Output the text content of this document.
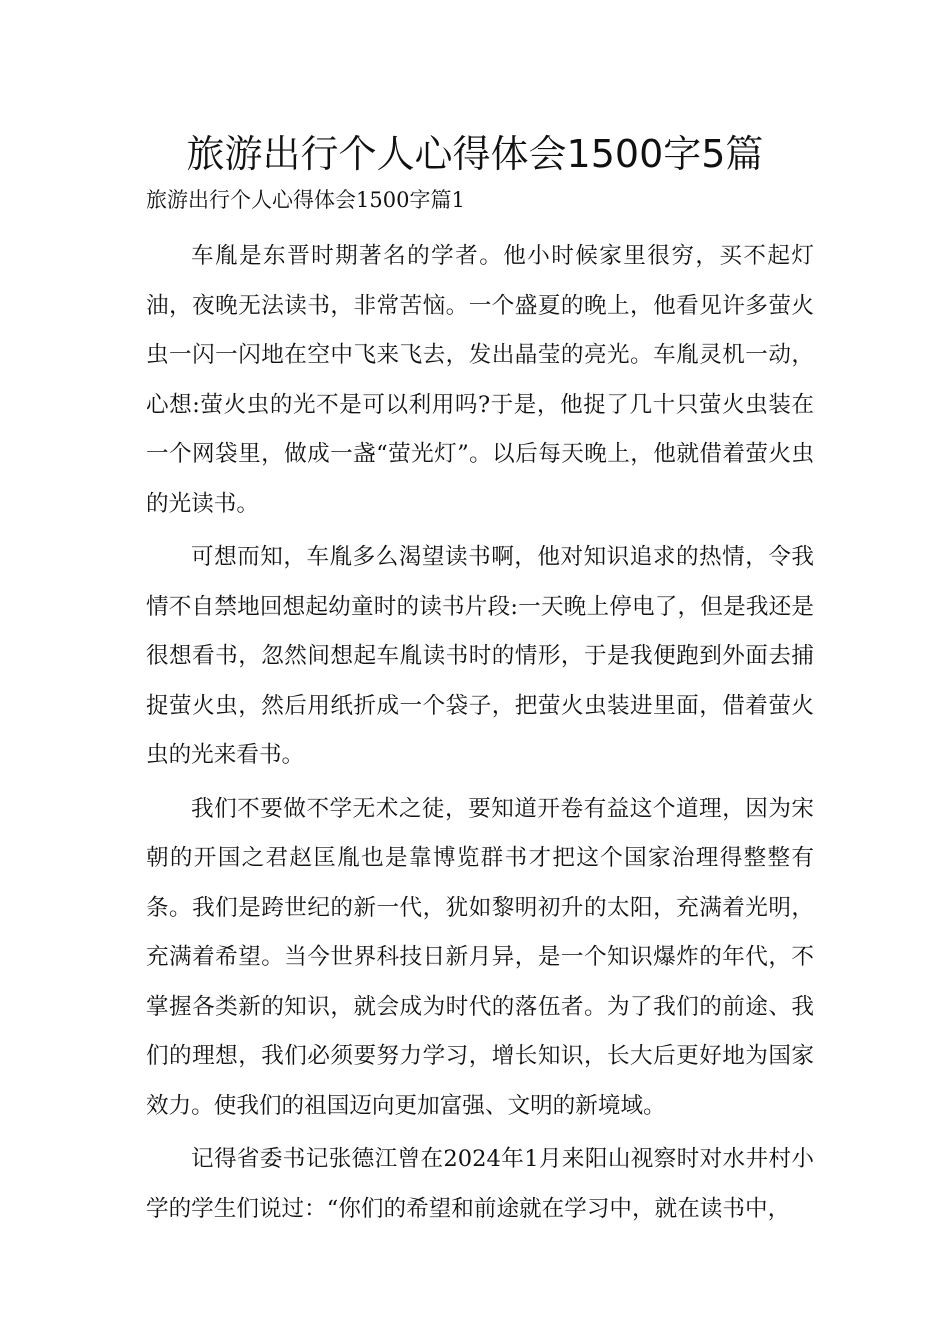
旅游出行个人心得体会1500字5篇

旅游出行个人心得体会1500字篇1

车胤是东晋时期著名的学者。他小时候家里很穷，买不起灯油，夜晚无法读书，非常苦恼。一个盛夏的晚上，他看见许多萤火虫一闪一闪地在空中飞来飞去，发出晶莹的亮光。车胤灵机一动，心想:萤火虫的光不是可以利用吗?于是，他捉了几十只萤火虫装在一个网袋里，做成一盏“萤光灯”。以后每天晚上，他就借着萤火虫的光读书。

可想而知，车胤多么渴望读书啊，他对知识追求的热情，令我情不自禁地回想起幼童时的读书片段:一天晚上停电了，但是我还是很想看书，忽然间想起车胤读书时的情形，于是我便跑到外面去捕捉萤火虫，然后用纸折成一个袋子，把萤火虫装进里面，借着萤火虫的光来看书。

我们不要做不学无术之徒，要知道开卷有益这个道理，因为宋朝的开国之君赵匡胤也是靠博览群书才把这个国家治理得整整有条。我们是跨世纪的新一代，犹如黎明初升的太阳，充满着光明，充满着希望。当今世界科技日新月异，是一个知识爆炸的年代，不掌握各类新的知识，就会成为时代的落伍者。为了我们的前途、我们的理想，我们必须要努力学习，增长知识，长大后更好地为国家效力。使我们的祖国迈向更加富强、文明的新境域。

记得省委书记张德江曾在2024年1月来阳山视察时对水井村小学的学生们说过：“你们的希望和前途就在学习中，就在读书中，
